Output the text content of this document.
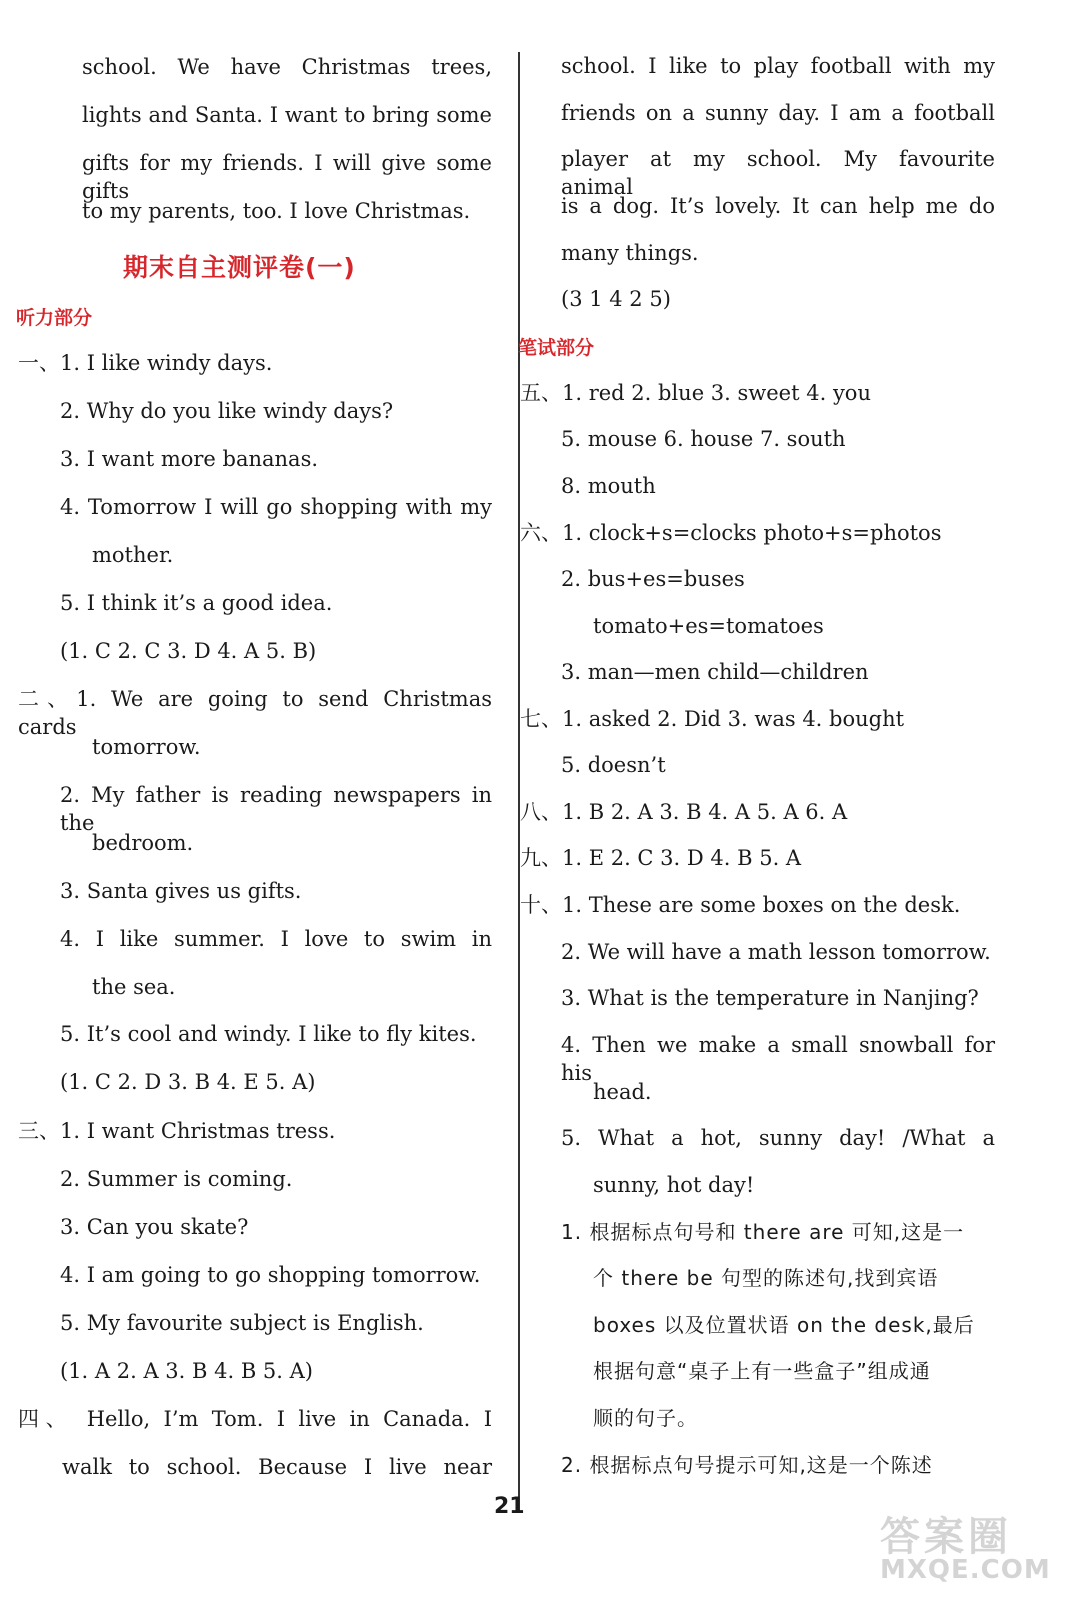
school. We have Christmas trees,
lights and Santa. I want to bring some
gifts for my friends. I will give some gifts
to my parents, too. I love Christmas.
期末自主测评卷(一)
听力部分
一、1. I like windy days.
2. Why do you like windy days?
3. I want more bananas.
4. Tomorrow I will go shopping with my
mother.
5. I think it’s a good idea.
(1. C 2. C 3. D 4. A 5. B)
二、1. We are going to send Christmas cards
tomorrow.
2. My father is reading newspapers in the
bedroom.
3. Santa gives us gifts.
4. I like summer. I love to swim in
the sea.
5. It’s cool and windy. I like to fly kites.
(1. C 2. D 3. B 4. E 5. A)
三、1. I want Christmas tress.
2. Summer is coming.
3. Can you skate?
4. I am going to go shopping tomorrow.
5. My favourite subject is English.
(1. A 2. A 3. B 4. B 5. A)
四、 Hello, I’m Tom. I live in Canada. I
walk to school. Because I live near
school. I like to play football with my
friends on a sunny day. I am a football
player at my school. My favourite animal
is a dog. It’s lovely. It can help me do
many things.
(3 1 4 2 5)
笔试部分
五、1. red 2. blue 3. sweet 4. you
5. mouse 6. house 7. south
8. mouth
六、1. clock+s=clocks photo+s=photos
2. bus+es=buses
tomato+es=tomatoes
3. man—men child—children
七、1. asked 2. Did 3. was 4. bought
5. doesn’t
八、1. B 2. A 3. B 4. A 5. A 6. A
九、1. E 2. C 3. D 4. B 5. A
十、1. These are some boxes on the desk.
2. We will have a math lesson tomorrow.
3. What is the temperature in Nanjing?
4. Then we make a small snowball for his
head.
5. What a hot, sunny day! /What a
sunny, hot day!
1. 根据标点句号和 there are 可知,这是一
个 there be 句型的陈述句,找到宾语
boxes 以及位置状语 on the desk,最后
根据句意“桌子上有一些盒子”组成通
顺的句子。
2. 根据标点句号提示可知,这是一个陈述
21
答案圈
MXQE.COM
